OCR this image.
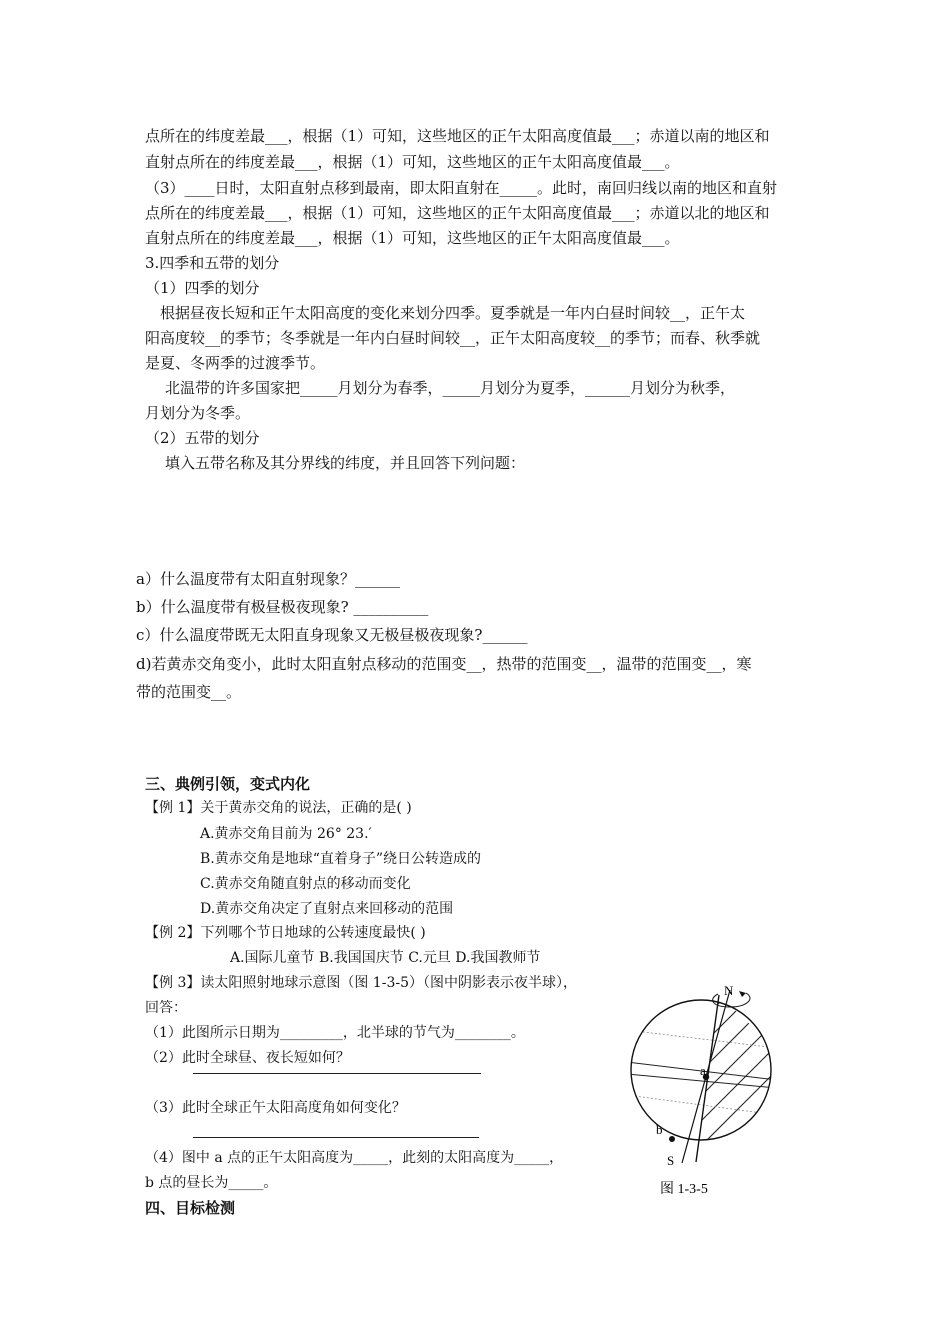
点所在的纬度差最___，根据（1）可知，这些地区的正午太阳高度值最___；赤道以南的地区和
直射点所在的纬度差最___，根据（1）可知，这些地区的正午太阳高度值最___。
（3）____日时，太阳直射点移到最南，即太阳直射在_____。此时，南回归线以南的地区和直射
点所在的纬度差最___，根据（1）可知，这些地区的正午太阳高度值最___；赤道以北的地区和
直射点所在的纬度差最___，根据（1）可知，这些地区的正午太阳高度值最___。
3.四季和五带的划分
（1）四季的划分
根据昼夜长短和正午太阳高度的变化来划分四季。夏季就是一年内白昼时间较__，正午太
阳高度较__的季节；冬季就是一年内白昼时间较__，正午太阳高度较__的季节；而春、秋季就
是夏、冬两季的过渡季节。
北温带的许多国家把_____月划分为春季，_____月划分为夏季，______月划分为秋季，
月划分为冬季。
（2）五带的划分
填入五带名称及其分界线的纬度，并且回答下列问题：
a）什么温度带有太阳直射现象？______
b）什么温度带有极昼极夜现象? __________
c）什么温度带既无太阳直身现象又无极昼极夜现象?______
d)若黄赤交角变小，此时太阳直射点移动的范围变__，热带的范围变__，温带的范围变__，寒
带的范围变__。
三、典例引领，变式内化
【例 1】关于黄赤交角的说法，正确的是( )
A.黄赤交角目前为 26° 23.′
B.黄赤交角是地球“直着身子”绕日公转造成的
C.黄赤交角随直射点的移动而变化
D.黄赤交角决定了直射点来回移动的范围
【例 2】下列哪个节日地球的公转速度最快( )
A.国际儿童节 B.我国国庆节 C.元旦 D.我国教师节
【例 3】读太阳照射地球示意图（图 1-3-5）（图中阴影表示夜半球），
回答：
（1）此图所示日期为_________，北半球的节气为________。
（2）此时全球昼、夜长短如何？
（3）此时全球正午太阳高度角如何变化？
（4）图中 a 点的正午太阳高度为_____，此刻的太阳高度为_____，
b 点的昼长为_____。
四、目标检测
N
a
b
S
图 1-3-5
